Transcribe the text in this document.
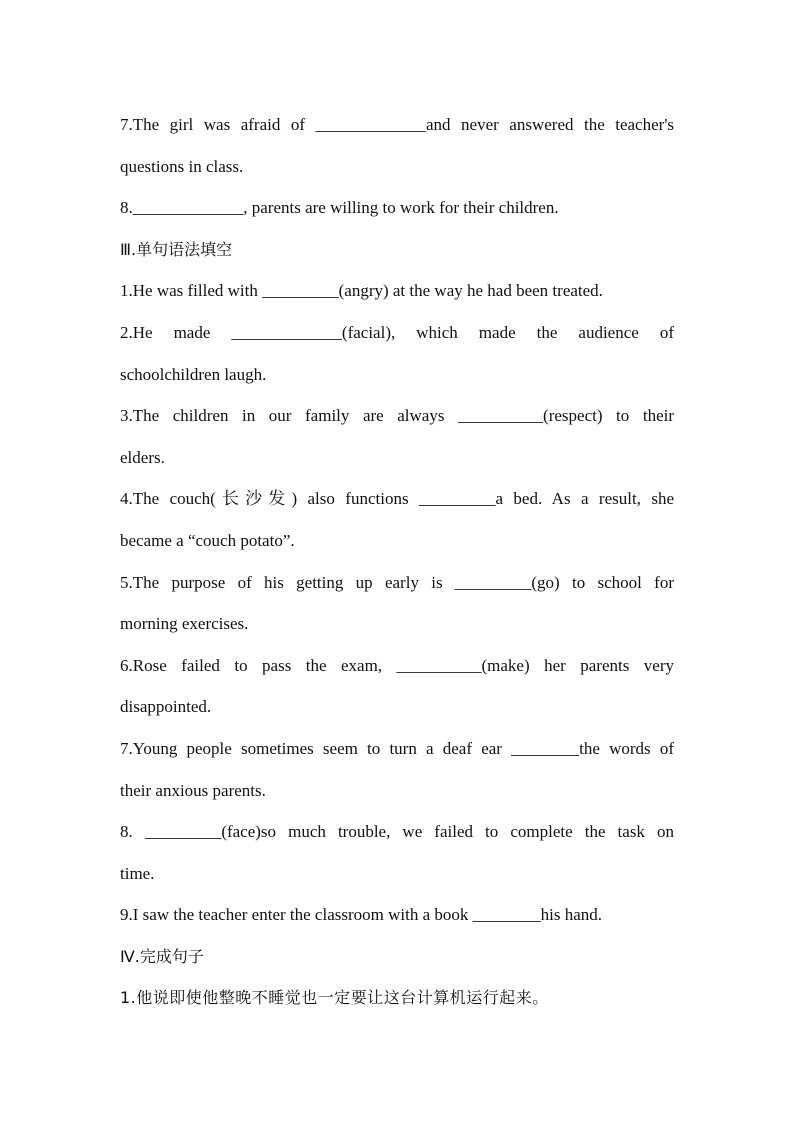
7.The girl was afraid of _____________and never answered the teacher's
questions in class.
8._____________, parents are willing to work for their children.
Ⅲ.单句语法填空
1.He was filled with _________(angry) at the way he had been treated.
2.He made _____________(facial), which made the audience of
schoolchildren laugh.
3.The children in our family are always __________(respect) to their
elders.
4.The couch(长沙发) also functions _________a bed. As a result, she
became a “couch potato”.
5.The purpose of his getting up early is _________(go) to school for
morning exercises.
6.Rose failed to pass the exam, __________(make) her parents very
disappointed.
7.Young people sometimes seem to turn a deaf ear ________the words of
their anxious parents.
8. _________(face)so much trouble, we failed to complete the task on
time.
9.I saw the teacher enter the classroom with a book ________his hand.
Ⅳ.完成句子
1.他说即使他整晚不睡觉也一定要让这台计算机运行起来。
